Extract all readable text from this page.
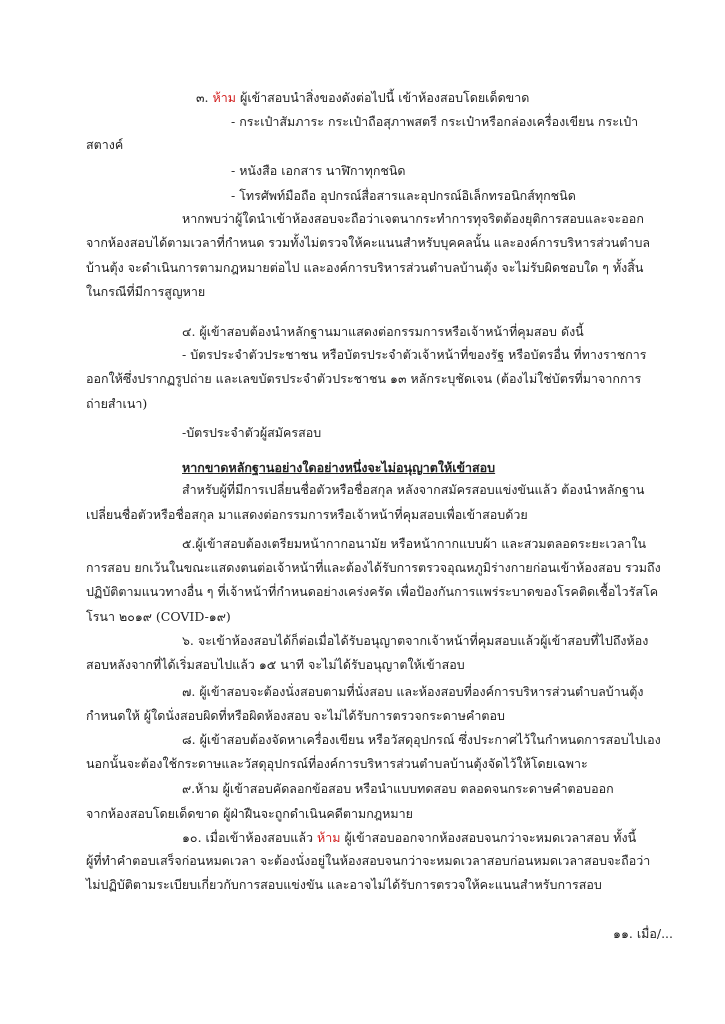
๓. ห้าม ผู้เข้าสอบนำสิ่งของดังต่อไปนี้ เข้าห้องสอบโดยเด็ดขาด
- กระเป๋าสัมภาระ กระเป๋าถือสุภาพสตรี กระเป๋าหรือกล่องเครื่องเขียน กระเป๋า
สตางค์
- หนังสือ เอกสาร นาฬิกาทุกชนิด
- โทรศัพท์มือถือ อุปกรณ์สื่อสารและอุปกรณ์อิเล็กทรอนิกส์ทุกชนิด
หากพบว่าผู้ใดนำเข้าห้องสอบจะถือว่าเจตนากระทำการทุจริตต้องยุติการสอบและจะออก
จากห้องสอบได้ตามเวลาที่กำหนด รวมทั้งไม่ตรวจให้คะแนนสำหรับบุคคลนั้น และองค์การบริหารส่วนตำบล
บ้านตุ้ง จะดำเนินการตามกฎหมายต่อไป และองค์การบริหารส่วนตำบลบ้านตุ้ง จะไม่รับผิดชอบใด ๆ ทั้งสิ้น
ในกรณีที่มีการสูญหาย
๔. ผู้เข้าสอบต้องนำหลักฐานมาแสดงต่อกรรมการหรือเจ้าหน้าที่คุมสอบ ดังนี้
- บัตรประจำตัวประชาชน หรือบัตรประจำตัวเจ้าหน้าที่ของรัฐ หรือบัตรอื่น ที่ทางราชการ
ออกให้ซึ่งปรากฏรูปถ่าย และเลขบัตรประจำตัวประชาชน ๑๓ หลักระบุชัดเจน (ต้องไม่ใช่บัตรที่มาจากการ
ถ่ายสำเนา)
-บัตรประจำตัวผู้สมัครสอบ
หากขาดหลักฐานอย่างใดอย่างหนึ่งจะไม่อนุญาตให้เข้าสอบ
สำหรับผู้ที่มีการเปลี่ยนชื่อตัวหรือชื่อสกุล หลังจากสมัครสอบแข่งขันแล้ว ต้องนำหลักฐาน
เปลี่ยนชื่อตัวหรือชื่อสกุล มาแสดงต่อกรรมการหรือเจ้าหน้าที่คุมสอบเพื่อเข้าสอบด้วย
๕.ผู้เข้าสอบต้องเตรียมหน้ากากอนามัย หรือหน้ากากแบบผ้า และสวมตลอดระยะเวลาใน
การสอบ ยกเว้นในขณะแสดงตนต่อเจ้าหน้าที่และต้องได้รับการตรวจอุณหภูมิร่างกายก่อนเข้าห้องสอบ รวมถึง
ปฏิบัติตามแนวทางอื่น ๆ ที่เจ้าหน้าที่กำหนดอย่างเคร่งครัด เพื่อป้องกันการแพร่ระบาดของโรคติดเชื้อไวรัสโค
โรนา ๒๐๑๙ (COVID-๑๙)
๖. จะเข้าห้องสอบได้ก็ต่อเมื่อได้รับอนุญาตจากเจ้าหน้าที่คุมสอบแล้วผู้เข้าสอบที่ไปถึงห้อง
สอบหลังจากที่ได้เริ่มสอบไปแล้ว ๑๕ นาที จะไม่ได้รับอนุญาตให้เข้าสอบ
๗. ผู้เข้าสอบจะต้องนั่งสอบตามที่นั่งสอบ และห้องสอบที่องค์การบริหารส่วนตำบลบ้านตุ้ง
กำหนดให้ ผู้ใดนั่งสอบผิดที่หรือผิดห้องสอบ จะไม่ได้รับการตรวจกระดาษคำตอบ
๘. ผู้เข้าสอบต้องจัดหาเครื่องเขียน หรือวัสดุอุปกรณ์ ซึ่งประกาศไว้ในกำหนดการสอบไปเอง
นอกนั้นจะต้องใช้กระดาษและวัสดุอุปกรณ์ที่องค์การบริหารส่วนตำบลบ้านตุ้งจัดไว้ให้โดยเฉพาะ
๙.ห้าม ผู้เข้าสอบคัดลอกข้อสอบ หรือนำแบบทดสอบ ตลอดจนกระดาษคำตอบออก
จากห้องสอบโดยเด็ดขาด ผู้ฝ่าฝืนจะถูกดำเนินคดีตามกฎหมาย
๑๐. เมื่อเข้าห้องสอบแล้ว ห้าม ผู้เข้าสอบออกจากห้องสอบจนกว่าจะหมดเวลาสอบ ทั้งนี้
ผู้ที่ทำคำตอบเสร็จก่อนหมดเวลา จะต้องนั่งอยู่ในห้องสอบจนกว่าจะหมดเวลาสอบก่อนหมดเวลาสอบจะถือว่า
ไม่ปฏิบัติตามระเบียบเกี่ยวกับการสอบแข่งขัน และอาจไม่ได้รับการตรวจให้คะแนนสำหรับการสอบ
๑๑. เมื่อ/...
